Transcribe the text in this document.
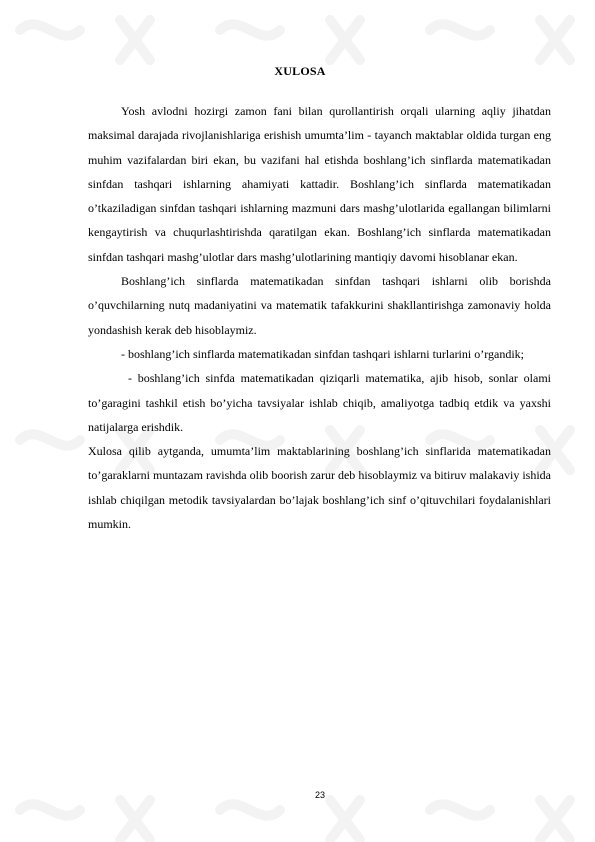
XULOSA

Yosh avlodni hozirgi zamon fani bilan qurollantirish orqali ularning aqliy jihatdan maksimal darajada rivojlanishlariga erishish umumta’lim - tayanch maktablar oldida turgan eng muhim vazifalardan biri ekan, bu vazifani hal etishda boshlang’ich sinflarda matematikadan sinfdan tashqari ishlarning ahamiyati kattadir. Boshlang’ich sinflarda matematikadan o’tkaziladigan sinfdan tashqari ishlarning mazmuni dars mashg’ulotlarida egallangan bilimlarni kengaytirish va chuqurlashtirishda qaratilgan ekan. Boshlang’ich sinflarda matematikadan sinfdan tashqari mashg’ulotlar dars mashg’ulotlarining mantiqiy davomi hisoblanar ekan.

Boshlang’ich sinflarda matematikadan sinfdan tashqari ishlarni olib borishda o’quvchilarning nutq madaniyatini va matematik tafakkurini shakllantirishga zamonaviy holda yondashish kerak deb hisoblaymiz.

- boshlang’ich sinflarda matematikadan sinfdan tashqari ishlarni turlarini o’rgandik;

- boshlang’ich sinfda matematikadan qiziqarli matematika, ajib hisob, sonlar olami to’garagini tashkil etish bo’yicha tavsiyalar ishlab chiqib, amaliyotga tadbiq etdik va yaxshi natijalarga erishdik.

Xulosa qilib aytganda, umumta’lim maktablarining boshlang’ich sinflarida matematikadan to’garaklarni muntazam ravishda olib boorish zarur deb hisoblaymiz va bitiruv malakaviy ishida ishlab chiqilgan metodik tavsiyalardan bo’lajak boshlang’ich sinf o’qituvchilari foydalanishlari mumkin.

23
